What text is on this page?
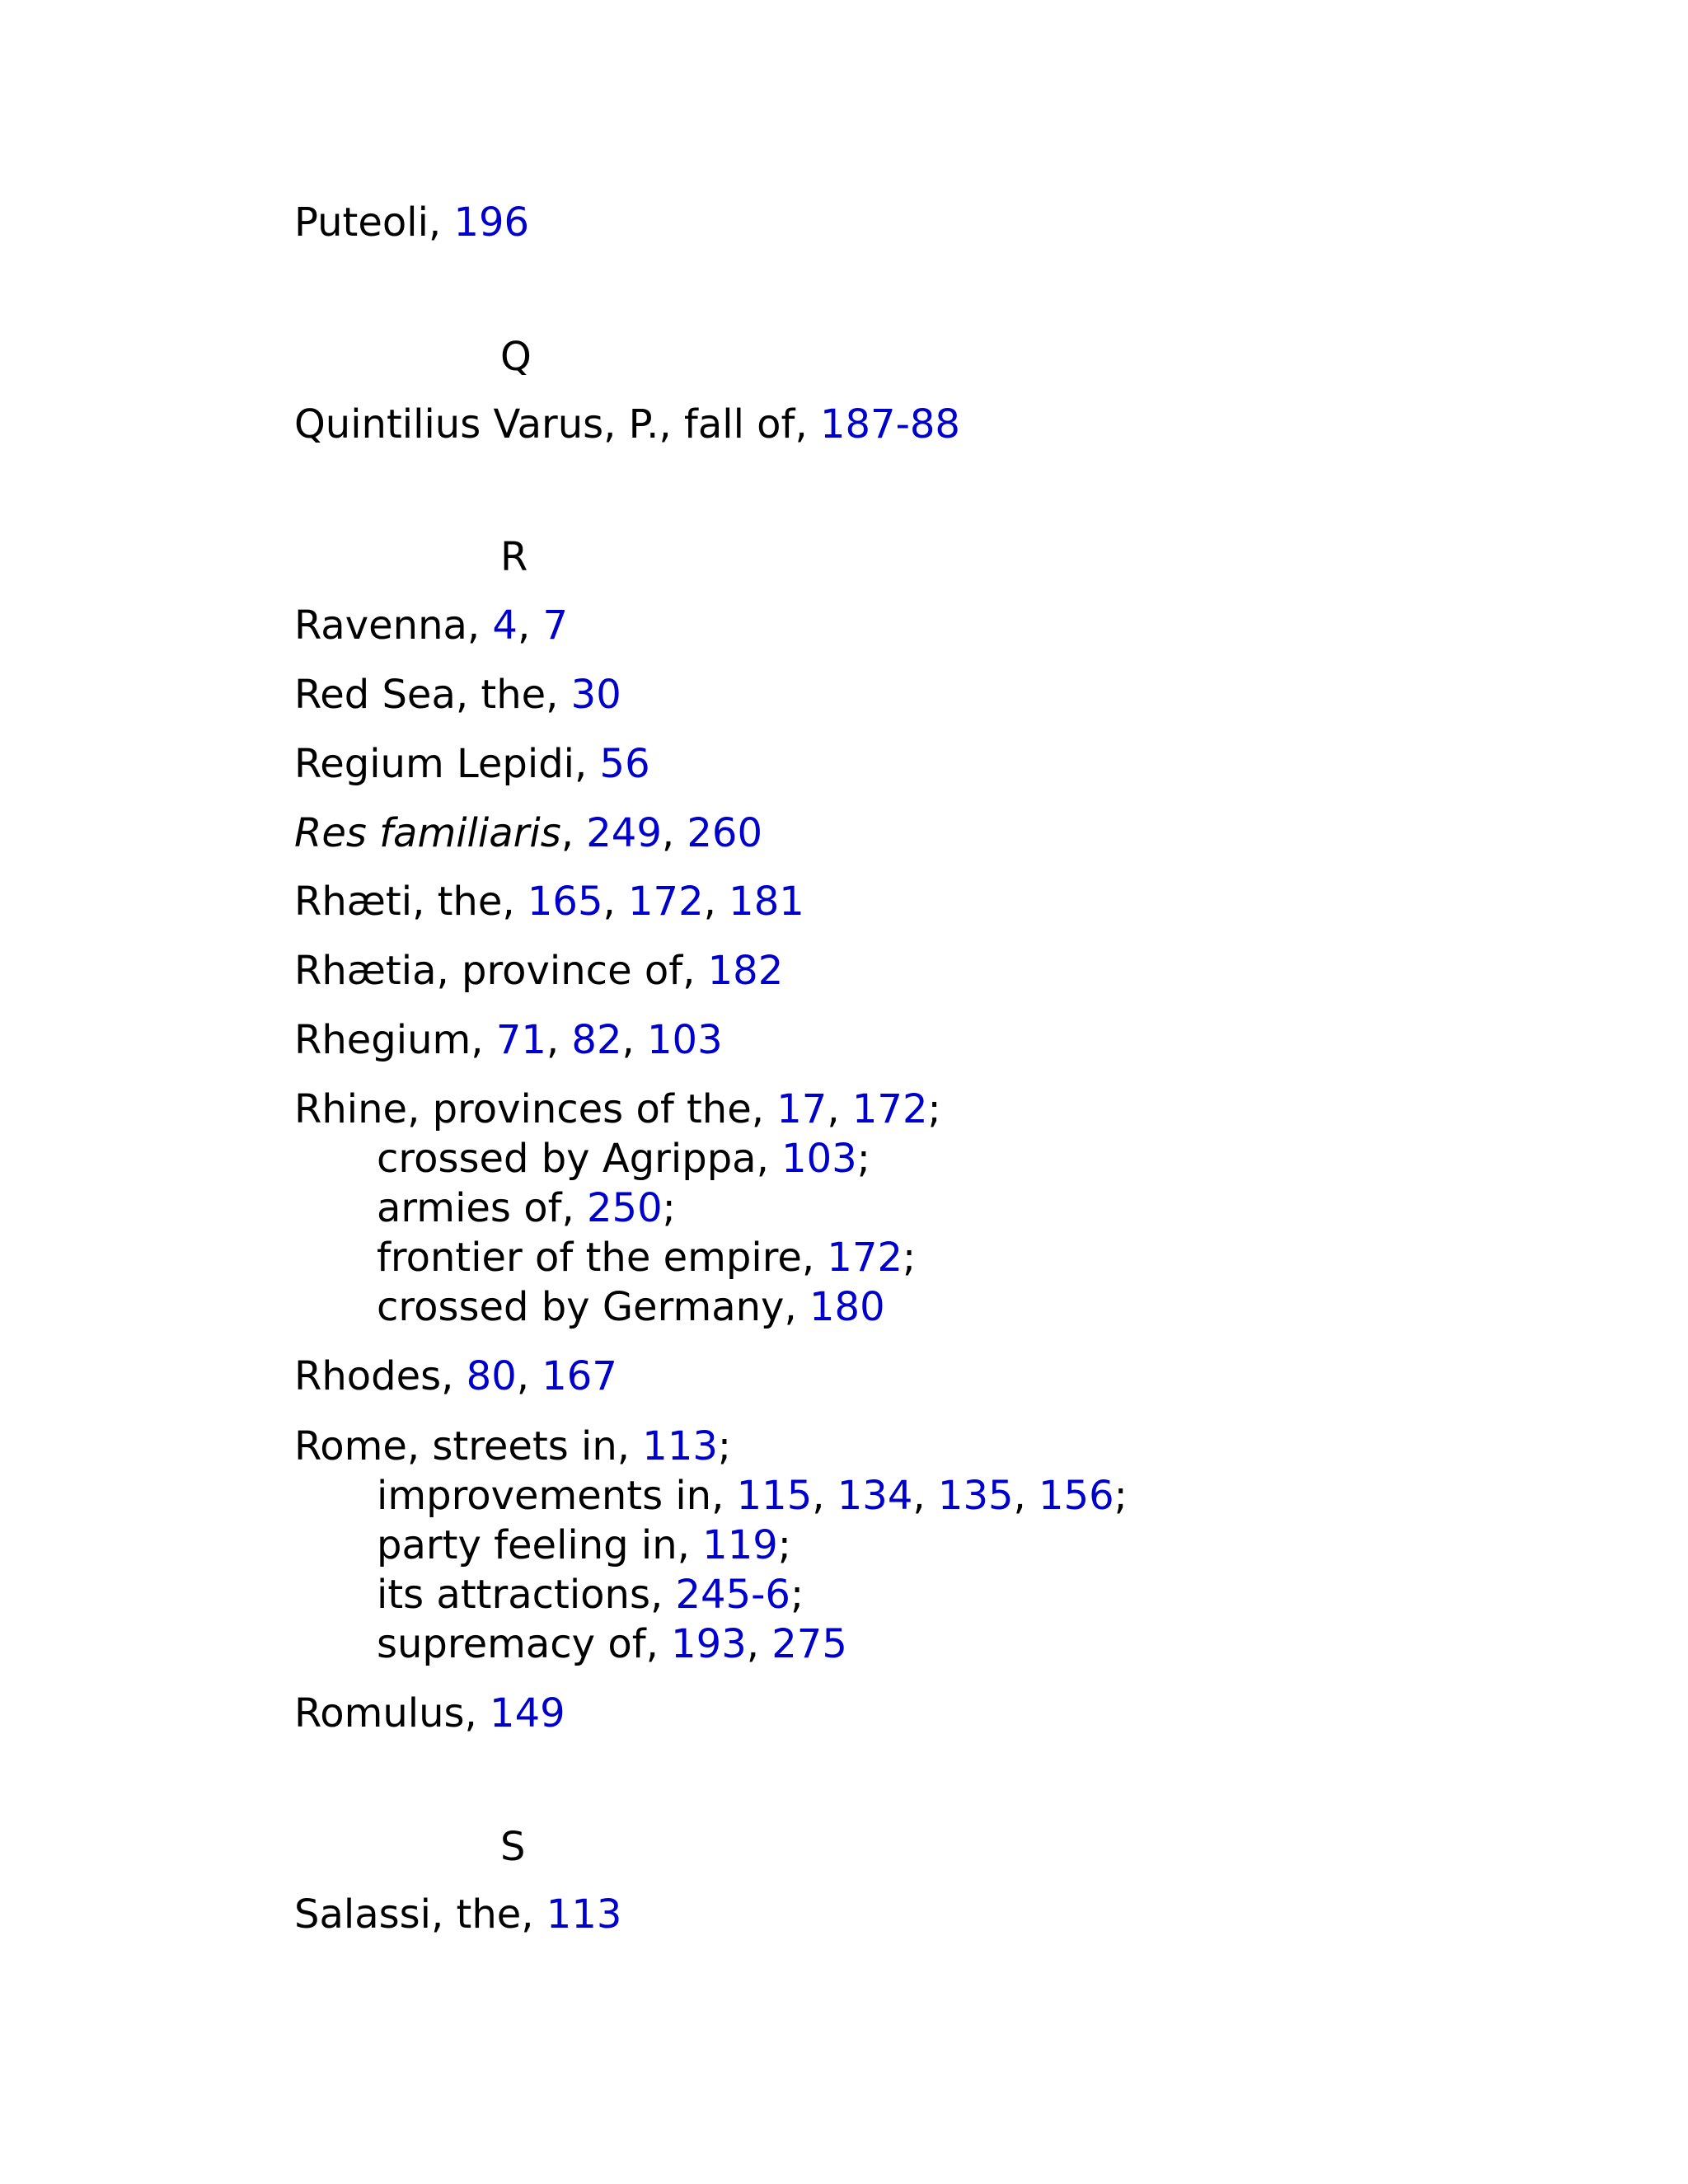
Puteoli, 196
Q
Quintilius Varus, P., fall of, 187-88
R
Ravenna, 4, 7
Red Sea, the, 30
Regium Lepidi, 56
Res familiaris, 249, 260
Rhæti, the, 165, 172, 181
Rhætia, province of, 182
Rhegium, 71, 82, 103
Rhine, provinces of the, 17, 172;
crossed by Agrippa, 103;
armies of, 250;
frontier of the empire, 172;
crossed by Germany, 180
Rhodes, 80, 167
Rome, streets in, 113;
improvements in, 115, 134, 135, 156;
party feeling in, 119;
its attractions, 245-6;
supremacy of, 193, 275
Romulus, 149
S
Salassi, the, 113
